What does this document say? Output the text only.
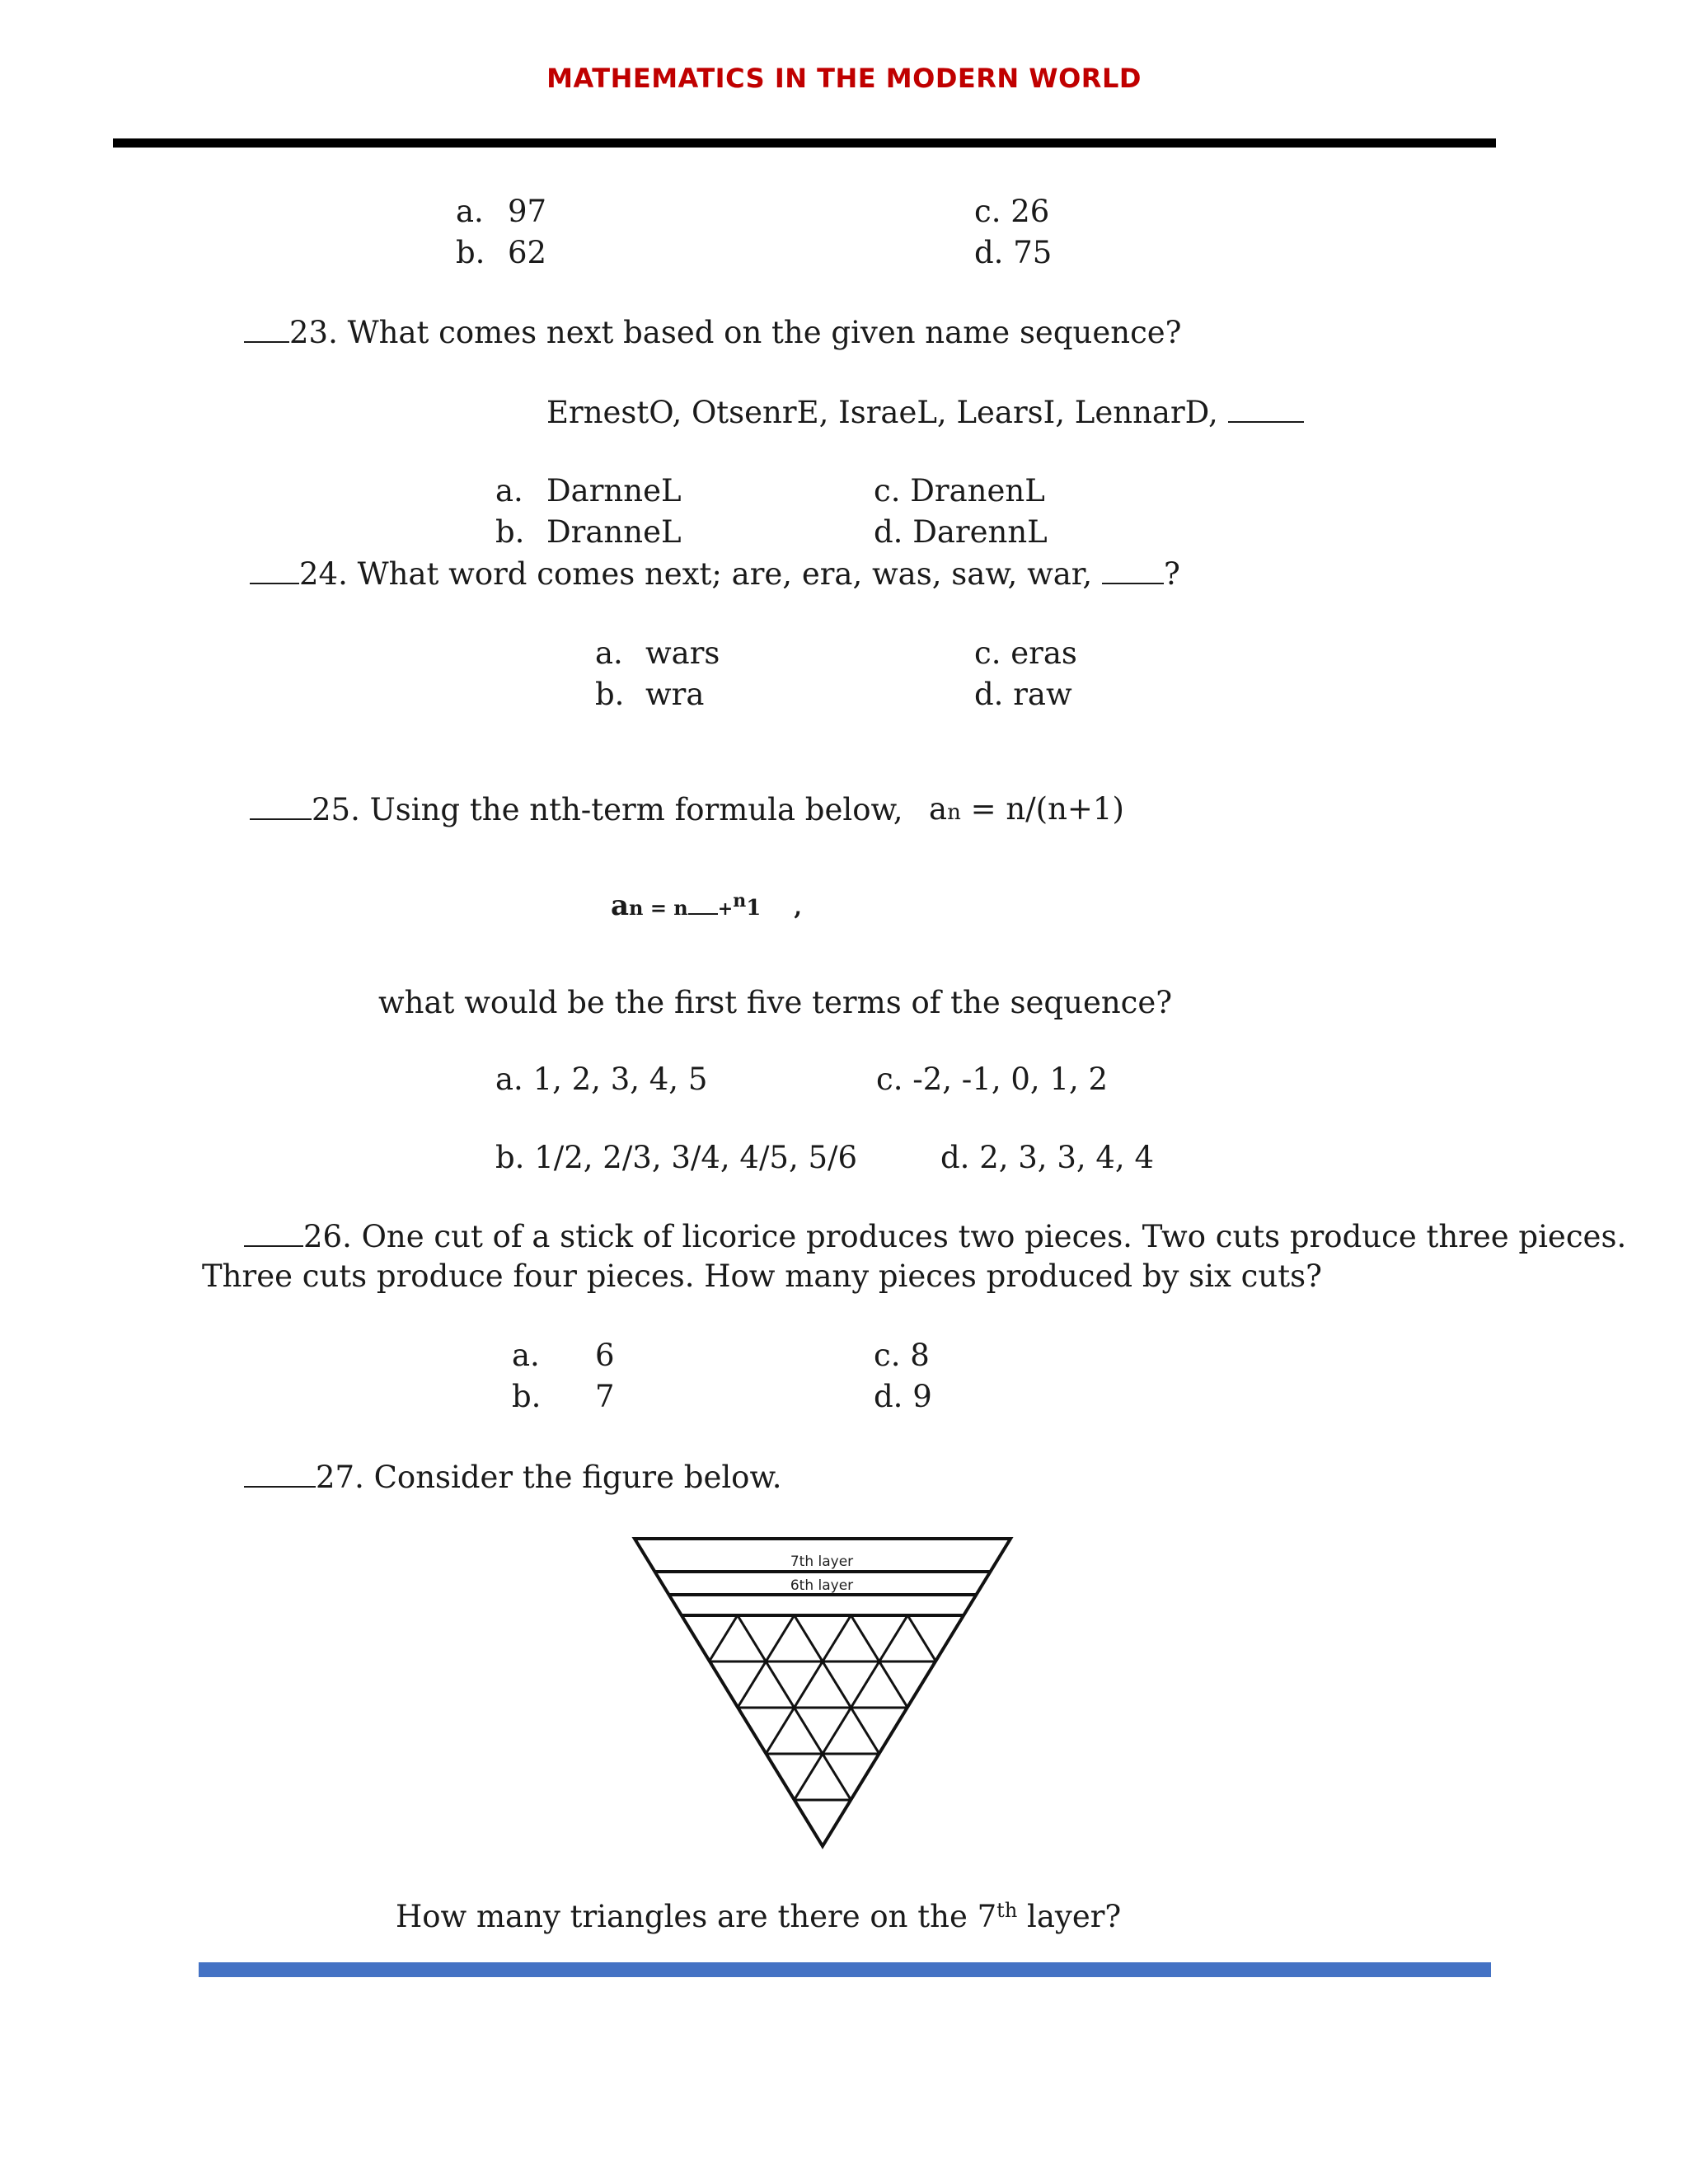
MATHEMATICS IN THE MODERN WORLD
a. 97
b. 62
c. 26
d. 75
23. What comes next based on the given name sequence?
ErnestO, OtsenrE, IsraeL, LearsI, LennarD,
a. DarnneL
b. DranneL
c. DranenL
d. DarennL
24. What word comes next; are, era, was, saw, war, ?
a. wars
b. wra
c. eras
d. raw
25. Using the nth-term formula below, an = n/(n+1)
an = n +$^n$1 ,
what would be the first five terms of the sequence?
a. 1, 2, 3, 4, 5
b. 1/2, 2/3, 3/4, 4/5, 5/6
c. -2, -1, 0, 1, 2
d. 2, 3, 3, 4, 4
26. One cut of a stick of licorice produces two pieces. Two cuts produce three pieces.
Three cuts produce four pieces. How many pieces produced by six cuts?
a. 6
b. 7
c. 8
d. 9
27. Consider the figure below.
7th layer
6th layer
How many triangles are there on the 7th layer?
